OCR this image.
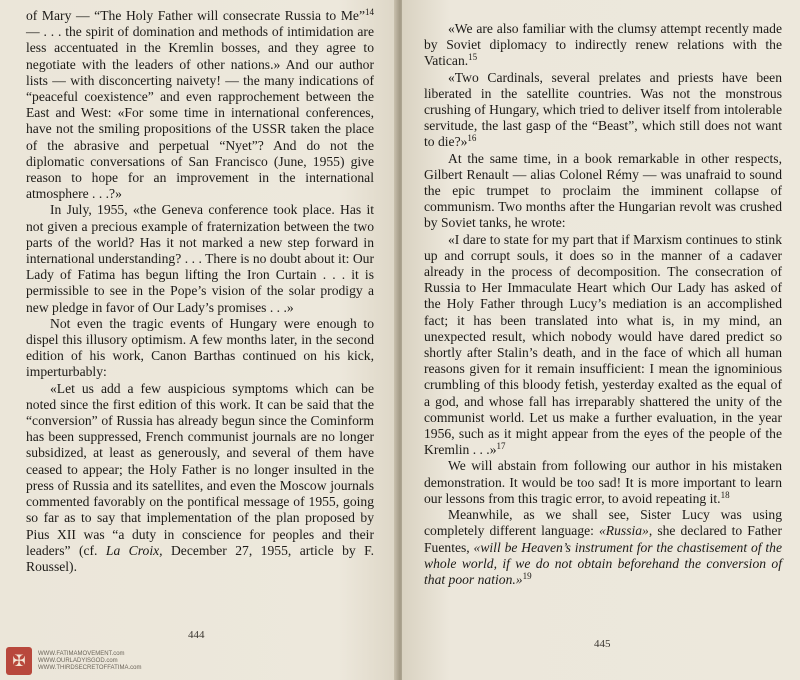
of Mary — “The Holy Father will consecrate Russia to Me”$^{14}$ — . . . the spirit of domination and methods of intimidation are less accentuated in the Kremlin bosses, and they agree to negotiate with the leaders of other nations.» And our author lists — with disconcerting naivety! — the many indications of “peaceful coexistence” and even rapprochement between the East and West: «For some time in international conferences, have not the smiling propositions of the USSR taken the place of the abrasive and perpetual “Nyet”? And do not the diplomatic conversations of San Francisco (June, 1955) give reason to hope for an improvement in the international atmosphere . . .?»

In July, 1955, «the Geneva conference took place. Has it not given a precious example of fraternization between the two parts of the world? Has it not marked a new step forward in international understanding? . . . There is no doubt about it: Our Lady of Fatima has begun lifting the Iron Curtain . . . it is permissible to see in the Pope’s vision of the solar prodigy a new pledge in favor of Our Lady’s promises . . .»

Not even the tragic events of Hungary were enough to dispel this illusory optimism. A few months later, in the second edition of his work, Canon Barthas continued on his kick, imperturbably:

«Let us add a few auspicious symptoms which can be noted since the first edition of this work. It can be said that the “conversion” of Russia has already begun since the Cominform has been suppressed, French communist journals are no longer subsidized, at least as generously, and several of them have ceased to appear; the Holy Father is no longer insulted in the press of Russia and its satellites, and even the Moscow journals commented favorably on the pontifical message of 1955, going so far as to say that implementation of the plan proposed by Pius XII was “a duty in conscience for peoples and their leaders” (cf. La Croix, December 27, 1955, article by F. Roussel).

444
✠	WWW.FATIMAMOVEMENT.com
WWW.OURLADYISGOD.com
WWW.THIRDSECRETOFFATIMA.com

«We are also familiar with the clumsy attempt recently made by Soviet diplomacy to indirectly renew relations with the Vatican.$^{15}$

«Two Cardinals, several prelates and priests have been liberated in the satellite countries. Was not the monstrous crushing of Hungary, which tried to deliver itself from intolerable servitude, the last gasp of the “Beast”, which still does not want to die?»$^{16}$

At the same time, in a book remarkable in other respects, Gilbert Renault — alias Colonel Rémy — was unafraid to sound the epic trumpet to proclaim the imminent collapse of communism. Two months after the Hungarian revolt was crushed by Soviet tanks, he wrote:

«I dare to state for my part that if Marxism continues to stink up and corrupt souls, it does so in the manner of a cadaver already in the process of decomposition. The consecration of Russia to Her Immaculate Heart which Our Lady has asked of the Holy Father through Lucy’s mediation is an accomplished fact; it has been translated into what is, in my mind, an unexpected result, which nobody would have dared predict so shortly after Stalin’s death, and in the face of which all human reasons given for it remain insufficient: I mean the ignominious crumbling of this bloody fetish, yesterday exalted as the equal of a god, and whose fall has irreparably shattered the unity of the communist world. Let us make a further evaluation, in the year 1956, such as it might appear from the eyes of the people of the Kremlin . . .»$^{17}$

We will abstain from following our author in his mistaken demonstration. It would be too sad! It is more important to learn our lessons from this tragic error, to avoid repeating it.$^{18}$

Meanwhile, as we shall see, Sister Lucy was using completely different language: «Russia», she declared to Father Fuentes, «will be Heaven’s instrument for the chastisement of the whole world, if we do not obtain beforehand the conversion of that poor nation.»$^{19}$

445
